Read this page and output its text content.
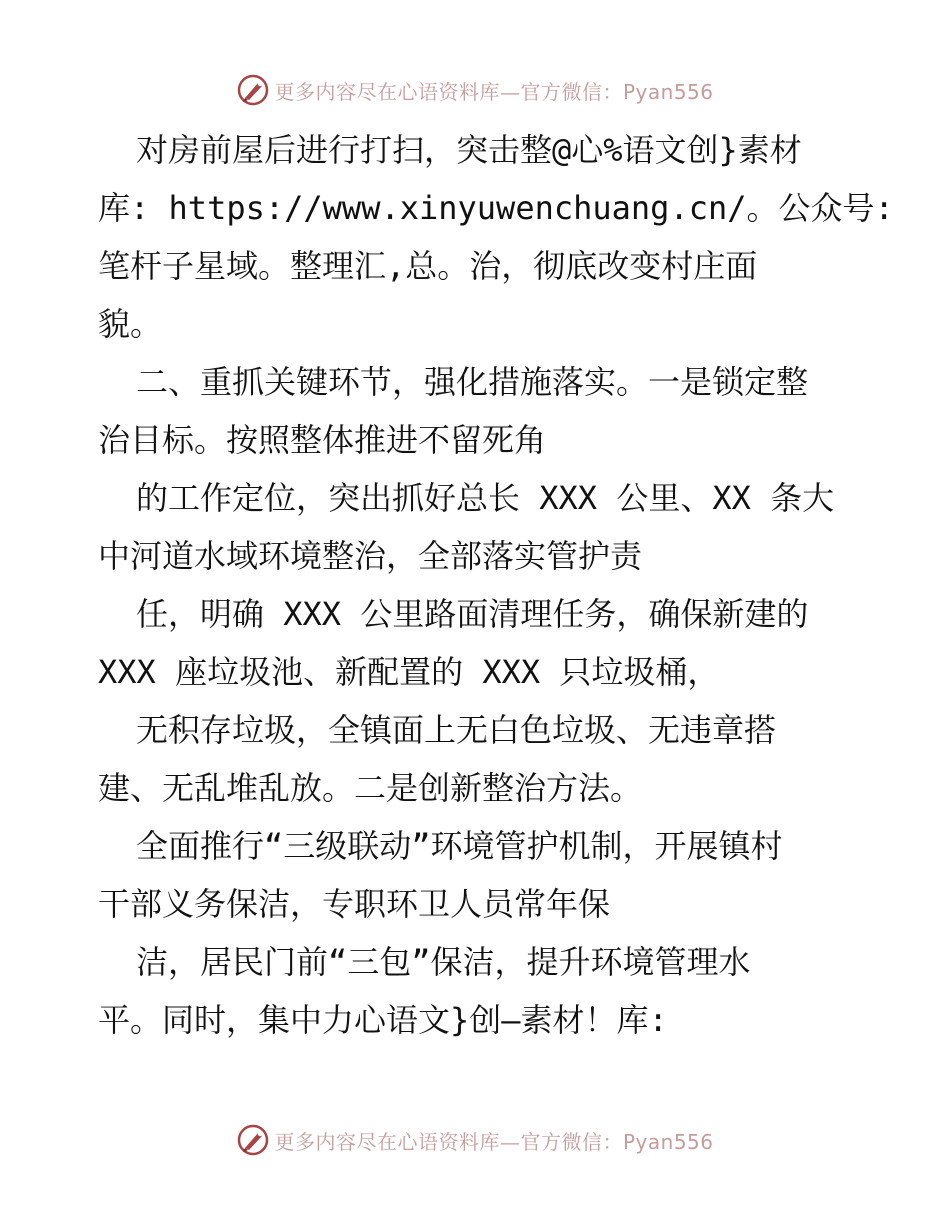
更多内容尽在心语资料库—官方微信：Pyan556
对房前屋后进行打扫，突击整@心%语文创}素材
库: https://www.xinyuwenchuang.cn/。公众号:
笔杆子星域。整理汇,总。治，彻底改变村庄面
貌。
二、重抓关键环节，强化措施落实。一是锁定整
治目标。按照整体推进不留死角
的工作定位，突出抓好总长 XXX 公里、XX 条大
中河道水域环境整治，全部落实管护责
任，明确 XXX 公里路面清理任务，确保新建的
XXX 座垃圾池、新配置的 XXX 只垃圾桶，
无积存垃圾，全镇面上无白色垃圾、无违章搭
建、无乱堆乱放。二是创新整治方法。
全面推行“三级联动”环境管护机制，开展镇村
干部义务保洁，专职环卫人员常年保
洁，居民门前“三包”保洁，提升环境管理水
平。同时，集中力心语文}创—素材！库:
更多内容尽在心语资料库—官方微信：Pyan556
